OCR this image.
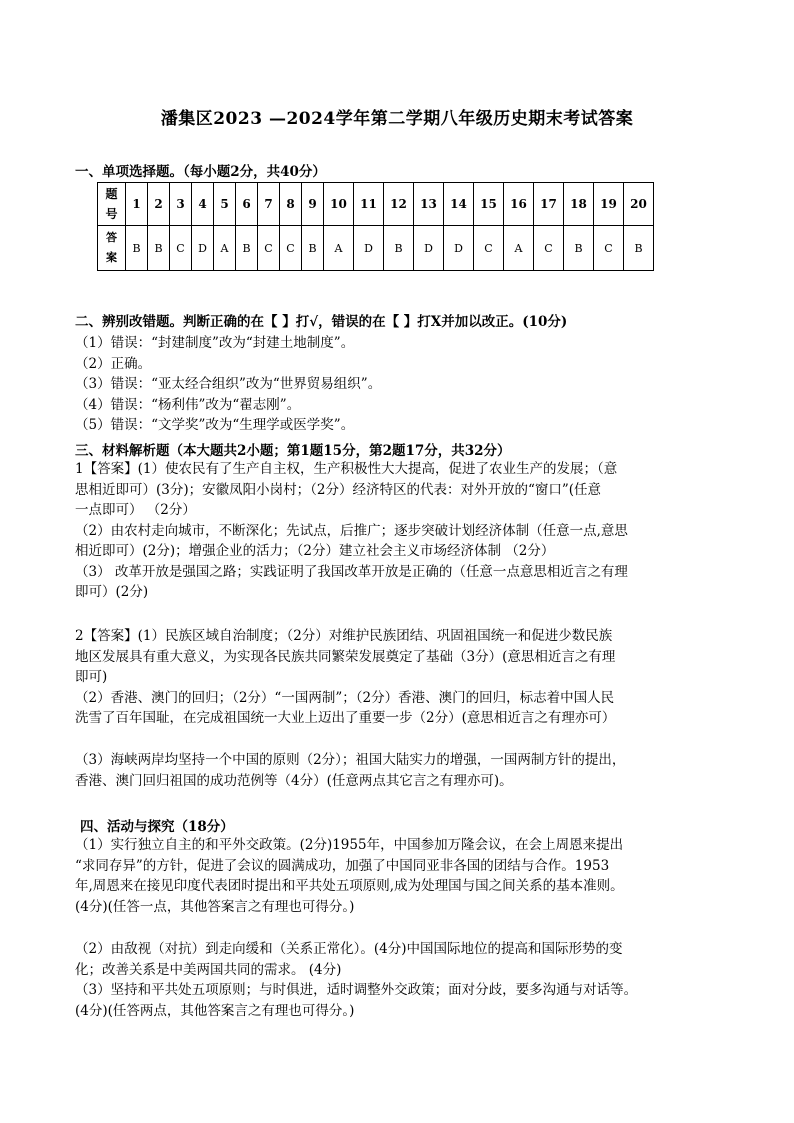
潘集区2023 —2024学年第二学期八年级历史期末考试答案
一、单项选择题。（每小题2分，共40分）
题
号	1	2	3	4	5	6	7	8	9	10	11	12	13	14	15	16	17	18	19	20
答
案	B	B	C	D	A	B	C	C	B	A	D	B	D	D	C	A	C	B	C	B
二、辨别改错题。判断正确的在【 】打√，错误的在【 】打X并加以改正。(10分)
（1）错误：“封建制度”改为“封建土地制度”。
（2）正确。
（3）错误：“亚太经合组织”改为“世界贸易组织”。
（4）错误：“杨利伟”改为“翟志刚”。
（5）错误：“文学奖”改为“生理学或医学奖”。
三、材料解析题（本大题共2小题；第1题15分，第2题17分，共32分）
1【答案】(1）使农民有了生产自主权，生产积极性大大提高，促进了农业生产的发展；（意
思相近即可）(3分)；安徽凤阳小岗村；（2分）经济特区的代表：对外开放的“窗口”(任意
一点即可） （2分）
（2）由农村走向城市，不断深化；先试点，后推广；逐步突破计划经济体制（任意一点,意思
相近即可）(2分)；增强企业的活力；（2分）建立社会主义市场经济体制 （2分）
（3） 改革开放是强国之路；实践证明了我国改革开放是正确的（任意一点意思相近言之有理
即可）(2分)
2【答案】(1）民族区域自治制度；（2分）对维护民族团结、巩固祖国统一和促进少数民族
地区发展具有重大意义，为实现各民族共同繁荣发展奠定了基础（3分）(意思相近言之有理
即可)
（2）香港、澳门的回归；（2分）“一国两制”；（2分）香港、澳门的回归，标志着中国人民
洗雪了百年国耻，在完成祖国统一大业上迈出了重要一步（2分）(意思相近言之有理亦可）
（3）海峡两岸均坚持一个中国的原则（2分）；祖国大陆实力的增强，一国两制方针的提出，
香港、澳门回归祖国的成功范例等（4分）(任意两点其它言之有理亦可)。
四、活动与探究（18分）
（1）实行独立自主的和平外交政策。(2分)1955年，中国参加万隆会议，在会上周恩来提出
“求同存异”的方针，促进了会议的圆满成功，加强了中国同亚非各国的团结与合作。1953
年,周恩来在接见印度代表团时提出和平共处五项原则,成为处理国与国之间关系的基本准则。
(4分)(任答一点，其他答案言之有理也可得分。)
（2）由敌视（对抗）到走向缓和（关系正常化）。(4分)中国国际地位的提高和国际形势的变
化；改善关系是中美两国共同的需求。 (4分)
（3）坚持和平共处五项原则；与时俱进，适时调整外交政策；面对分歧，要多沟通与对话等。
(4分)(任答两点，其他答案言之有理也可得分。)
